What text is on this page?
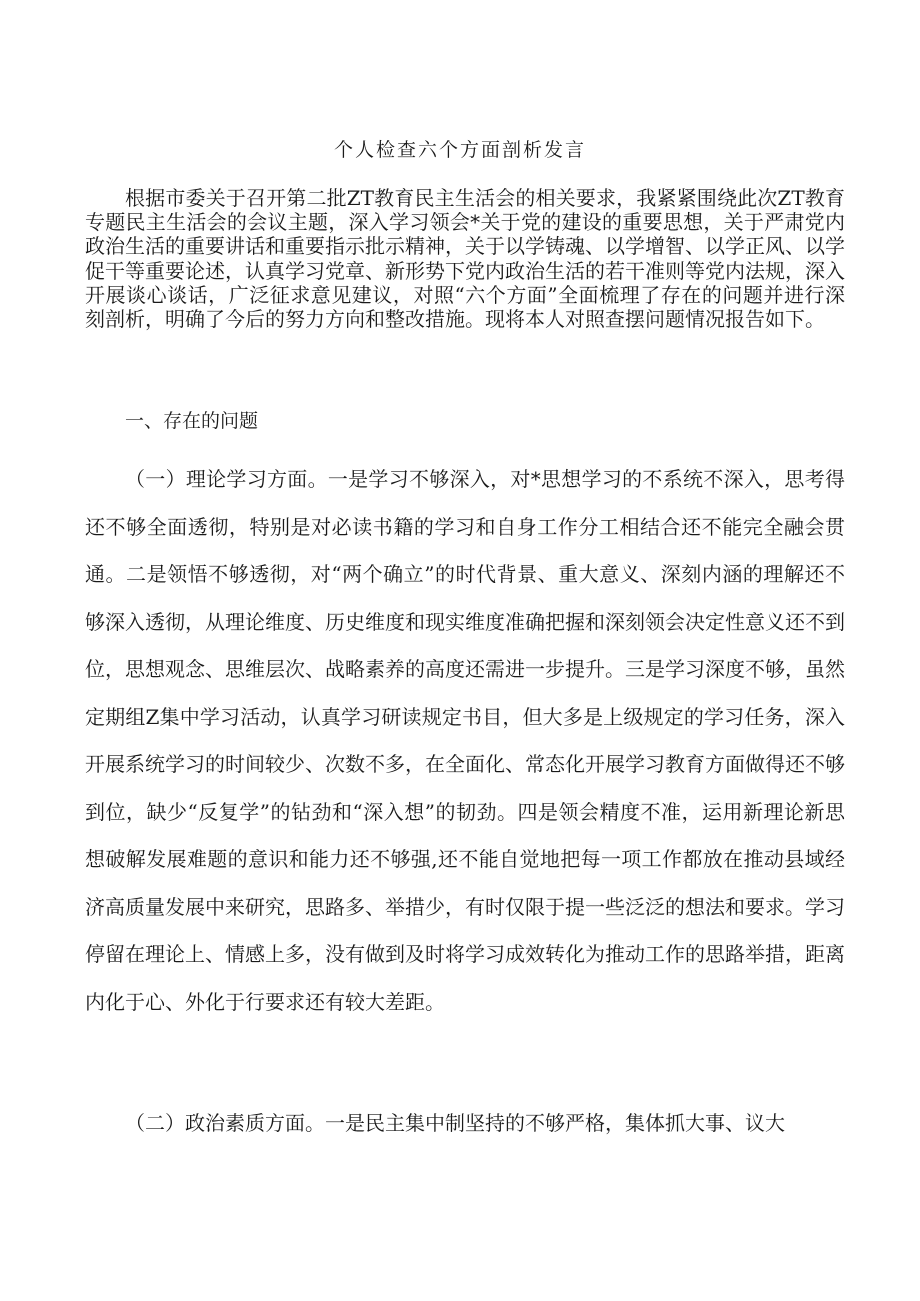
个人检查六个方面剖析发言

根据市委关于召开第二批ZT教育民主生活会的相关要求，我紧紧围绕此次ZT教育专题民主生活会的会议主题，深入学习领会*关于党的建设的重要思想，关于严肃党内政治生活的重要讲话和重要指示批示精神，关于以学铸魂、以学增智、以学正风、以学促干等重要论述，认真学习党章、新形势下党内政治生活的若干准则等党内法规，深入开展谈心谈话，广泛征求意见建议，对照“六个方面”全面梳理了存在的问题并进行深刻剖析，明确了今后的努力方向和整改措施。现将本人对照查摆问题情况报告如下。

一、存在的问题

（一）理论学习方面。一是学习不够深入，对*思想学习的不系统不深入，思考得还不够全面透彻，特别是对必读书籍的学习和自身工作分工相结合还不能完全融会贯通。二是领悟不够透彻，对“两个确立”的时代背景、重大意义、深刻内涵的理解还不够深入透彻，从理论维度、历史维度和现实维度准确把握和深刻领会决定性意义还不到位，思想观念、思维层次、战略素养的高度还需进一步提升。三是学习深度不够，虽然定期组Z集中学习活动，认真学习研读规定书目，但大多是上级规定的学习任务，深入开展系统学习的时间较少、次数不多，在全面化、常态化开展学习教育方面做得还不够到位，缺少“反复学”的钻劲和“深入想”的韧劲。四是领会精度不准，运用新理论新思想破解发展难题的意识和能力还不够强,还不能自觉地把每一项工作都放在推动县域经济高质量发展中来研究，思路多、举措少，有时仅限于提一些泛泛的想法和要求。学习停留在理论上、情感上多，没有做到及时将学习成效转化为推动工作的思路举措，距离内化于心、外化于行要求还有较大差距。

（二）政治素质方面。一是民主集中制坚持的不够严格，集体抓大事、议大
